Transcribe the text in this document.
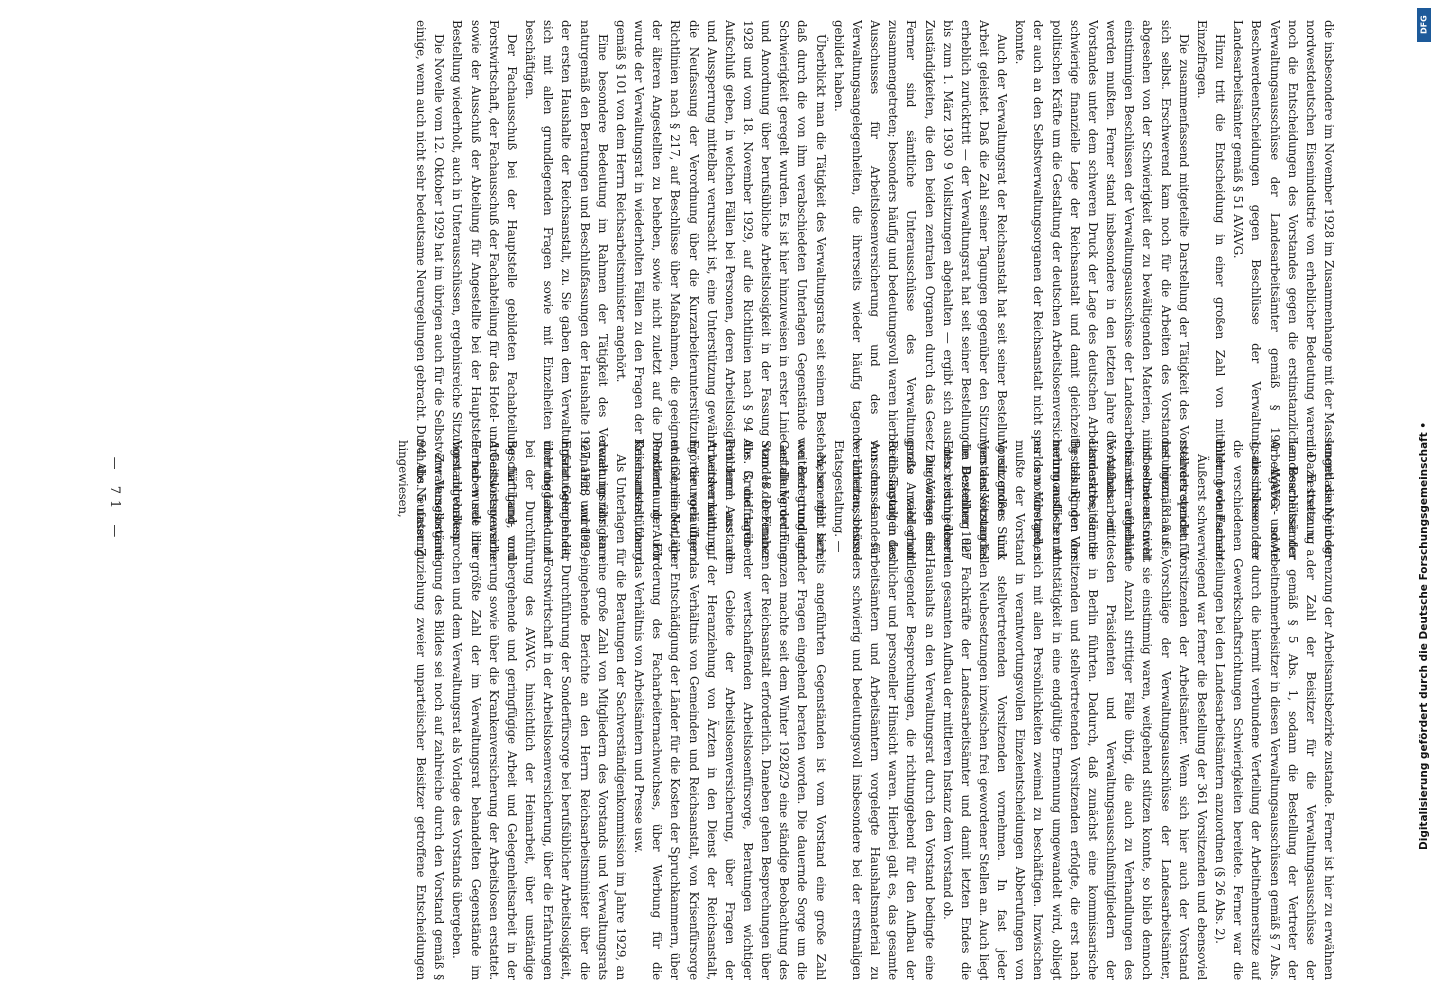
— 71 —	die insbesondere im November 1928 im Zusammenhange mit der Massenentlassung in der nordwestdeutschen Eisenindustrie von erheblicher Bedeutung waren. Dazu treten u. a. noch die Entscheidungen des Vorstandes gegen die erstinstanzlichen Beschlüsse der Verwaltungsausschüsse der Landesarbeitsämter gemäß § 190 AVAVG. sowie Beschwerdeentscheidungen gegen Beschlüsse der Verwaltungsausschüsse der Landesarbeitsämter gemäß § 51 AVAVG.

Hinzu tritt die Entscheidung in einer großen Zahl von mitunter bedeutsamen Einzelfragen.

Die zusammenfassend mitgeteilte Darstellung der Tätigkeit des Vorstandes spricht für sich selbst. Erschwerend kam noch für die Arbeiten des Vorstandes hinzu, daß sie, abgesehen von der Schwierigkeit der zu bewältigenden Materien, nicht selten auf nicht einstimmigen Beschlüssen der Verwaltungsausschüsse der Landesarbeitsämter aufgebaut werden mußten. Ferner stand insbesondere in den letzten Jahre die Aufbauarbeit des Vorstandes unter dem schweren Druck der Lage des deutschen Arbeitsmarktes, der die schwierige finanzielle Lage der Reichsanstalt und damit gleichzeitig das Ringen der politischen Kräfte um die Gestaltung der deutschen Arbeitslosenversicherung auslöste und der auch an den Selbstverwaltungsorganen der Reichsanstalt nicht spurlos vorübergehen konnte.

Auch der Verwaltungsrat der Reichsanstalt hat seit seiner Bestellung ein großes Stück Arbeit geleistet. Daß die Zahl seiner Tagungen gegenüber den Sitzungen des Vorstandes erheblich zurücktritt — der Verwaltungsrat hat seit seiner Bestellung im Dezember 1927 bis zum 1. März 1930 9 Vollsitzungen abgehalten — ergibt sich aus den verschiedenen Zuständigkeiten, die den beiden zentralen Organen durch das Gesetz zugewiesen sind. Ferner sind sämtliche Unterausschüsse des Verwaltungsrats wiederholt zusammengetreten; besonders häufig und bedeutungsvoll waren hierbei die Tagungen des Ausschusses für Arbeitslosenversicherung und des Ausschusses für Verwaltungsangelegenheiten, die ihrerseits wieder häufig tagende Unterausschüsse gebildet haben.

Überblickt man die Tätigkeit des Verwaltungsrats seit seinem Bestehen, so ergibt sich, daß durch die von ihm verabschiedeten Unterlagen Gegenstände von Bedeutung und Schwierigkeit geregelt wurden. Es ist hier hinzuweisen in erster Linie auf die Verordnung und Anordnung über berufsübliche Arbeitslosigkeit in der Fassung vom 18. Dezember 1928 und vom 18. November 1929, auf die Richtlinien nach § 94 Abs. 3, die darüber Aufschluß geben, in welchen Fällen bei Personen, deren Arbeitslosigkeit durch Ausstand und Aussperrung mittelbar verursacht ist, eine Unterstützung gewährt werden kann, auf die Neufassung der Verordnung über die Kurzarbeiterunterstützung, die vorläufigen Richtlinien nach § 217, auf Beschlüsse über Maßnahmen, die geeignet sind, die Notlage der älteren Angestellten zu beheben, sowie nicht zuletzt auf die Dienstordnung. Auch wurde der Verwaltungsrat in wiederholten Fällen zu den Fragen der Krisenunterstützung gemäß § 101 von dem Herrn Reichsarbeitsminister angehört.

Eine besondere Bedeutung im Rahmen der Tätigkeit des Verwaltungsrats kam naturgemäß den Beratungen und Beschlußfassungen der Haushalte 1927, 1928 und 1929, der ersten Haushalte der Reichsanstalt, zu. Sie gaben dem Verwaltungsrat Gelegenheit, sich mit allen grundlegenden Fragen sowie mit Einzelheiten richtunggebend zu beschäftigen.

Der Fachausschuß bei der Hauptstelle gebildeten Fachabteilung für Land- und Forstwirtschaft, der Fachausschuß der Fachabteilung für das Hotel- und Gastwirtsgewerbe sowie der Ausschuß der Abteilung für Angestellte bei der Hauptstelle haben seit ihrer Bestellung wiederholt, auch in Unterausschüssen, ergebnisreiche Sitzungen abgehalten.

Die Novelle vom 12. Oktober 1929 hat im übrigen auch für die Selbstverwaltungsorgane einige, wenn auch nicht sehr bedeutsame Neuregelungen gebracht. Durch die Neufassung

lungen die Neubegrenzung der Arbeitsamtsbezirke zustande. Ferner ist hier zu erwähnen die Festsetzung der Zahl der Beisitzer für die Verwaltungsausschüsse der Landesarbeitsämter gemäß § 5 Abs. 1, sodann die Bestellung der Vertreter der Arbeitgeber- und Arbeitnehmerbeisitzer in diesen Verwaltungsausschüssen gemäß § 7 Abs. 1, die insbesondere durch die hiermit verbundene Verteilung der Arbeitnehmersitze auf die verschiedenen Gewerkschaftsrichtungen Schwierigkeiten bereitete. Ferner war die Bildung von Fachabteilungen bei den Landesarbeitsämtern anzuordnen (§ 26 Abs. 2).

Äußerst schwerwiegend war ferner die Bestellung der 361 Vorsitzenden und ebensoviel stellvertretenden Vorsitzenden der Arbeitsämter. Wenn sich hier auch der Vorstand naturgemäß auf Vorschläge der Verwaltungsausschüsse der Landesarbeitsämter, insbesondere soweit sie einstimmig waren, weitgehend stützen konnte, so blieb dennoch eine sehr erhebliche Anzahl strittiger Fälle übrig, die auch zu Verhandlungen des Vorstands mit den Präsidenten und Verwaltungsausschußmitgliedern der Landesarbeitsämter in Berlin führten. Dadurch, daß zunächst eine kommissarische Bestellung der Vorsitzenden und stellvertretenden Vorsitzenden erfolgte, die erst nach mehrmonatlicher Amtstätigkeit in eine endgültige Ernennung umgewandelt wird, obliegt es dem Vorstand, sich mit allen Persönlichkeiten zweimal zu beschäftigen. Inzwischen mußte der Vorstand in verantwortungsvollen Einzelentscheidungen Abberufungen von Vorsitzenden und stellvertretenden Vorsitzenden vornehmen. In fast jeder Vorstandssitzung fallen Neubesetzungen inzwischen frei gewordener Stellen an. Auch liegt die Bestellung der Fachkräfte der Landesarbeitsämter und damit letzten Endes die Entscheidung über den gesamten Aufbau der mittleren Instanz dem Vorstand ob.

Die Vorlage des Haushalts an den Verwaltungsrat durch den Vorstand bedingte eine große Anzahl grundlegender Besprechungen, die richtunggebend für den Aufbau der Reichsanstalt in fachlicher und personeller Hinsicht waren. Hierbei galt es, das gesamte von den Landesarbeitsämtern und Arbeitsämtern vorgelegte Haushaltsmaterial zu verarbeiten, besonders schwierig und bedeutungsvoll insbesondere bei der erstmaligen Etatsgestaltung. —

Neben den bereits angeführten Gegenständen ist vom Vorstand eine große Zahl weiterer grundlegender Fragen eingehend beraten worden. Die dauernde Sorge um die Gestaltung der Finanzen machte seit dem Winter 1928/29 eine ständige Beobachtung des Standes der Finanzen der Reichsanstalt erforderlich. Daneben gehen Besprechungen über die Grundfragen der wertschaffenden Arbeitslosenfürsorge, Beratungen wichtiger Probleme aus dem Gebiete der Arbeitslosenversicherung, über Fragen der Arbeitsvermittlung, der Heranziehung von Ärzten in den Dienst der Reichsanstalt, Erörterungen über das Verhältnis von Gemeinden und Reichsanstalt, von Krisenfürsorge und Gemeinden, über Entschädigung der Länder für die Kosten der Spruchkammern, über Probleme der Förderung des Facharbeiternachwuchses, über Werbung für die Reichsanstalt, über das Verhältnis von Arbeitsämtern und Presse usw.

Als Unterlagen für die Beratungen der Sachverständigenkommission im Jahre 1929, an denen im übrigen eine große Zahl von Mitgliedern des Vorstands und Verwaltungsrats teilnahm, wurden eingehende Berichte an den Herrn Reichsarbeitsminister über die Erfahrungen bei der Durchführung der Sonderfürsorge bei berufsüblicher Arbeitslosigkeit, über die Land- und Forstwirtschaft in der Arbeitslosenversicherung, über die Erfahrungen bei der Durchführung des AVAVG. hinsichtlich der Heimarbeit, über unständige Beschäftigung, vorübergehende und geringfügige Arbeit und Gelegenheitsarbeit in der Arbeitslosenversicherung sowie über die Krankenversicherung der Arbeitslosen erstattet. Ferner wurde die größte Zahl der im Verwaltungsrat behandelten Gegenstände im Vorstand vorbesprochen und dem Verwaltungsrat als Vorlage des Vorstands übergeben.

Zur Verselbständigung des Bildes sei noch auf zahlreiche durch den Vorstand gemäß § 94 Abs. 5 unter Zuziehung zweier unparteiischer Beisitzer getroffene Entscheidungen hingewiesen,

DFG
Digitalisierung gefördert durch die Deutsche Forschungsgemeinschaft •
